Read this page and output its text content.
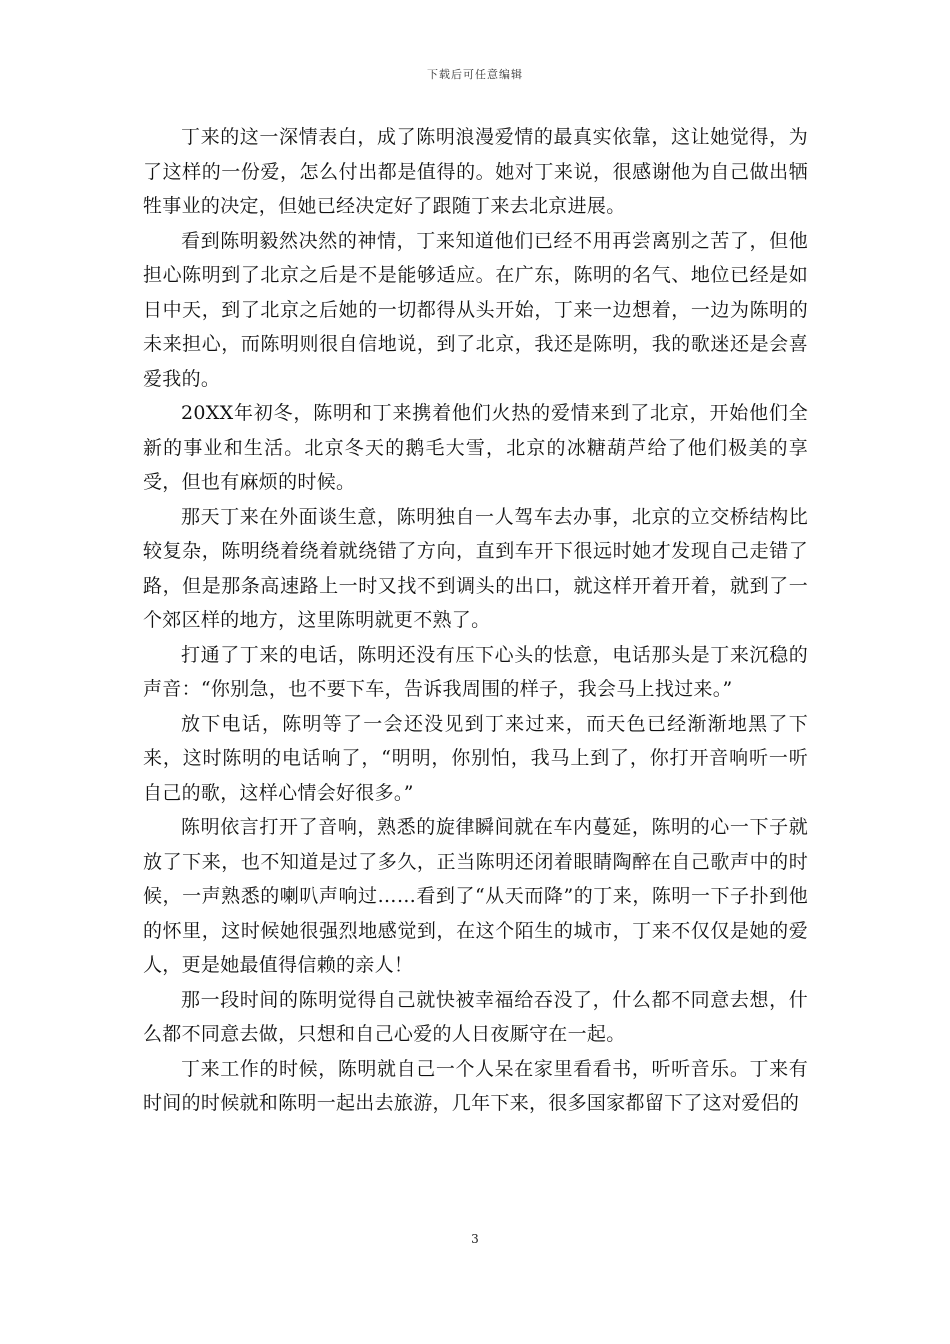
下载后可任意编辑

丁来的这一深情表白，成了陈明浪漫爱情的最真实依靠，这让她觉得，为了这样的一份爱，怎么付出都是值得的。她对丁来说，很感谢他为自己做出牺牲事业的决定，但她已经决定好了跟随丁来去北京进展。

看到陈明毅然决然的神情，丁来知道他们已经不用再尝离别之苦了，但他担心陈明到了北京之后是不是能够适应。在广东，陈明的名气、地位已经是如日中天，到了北京之后她的一切都得从头开始，丁来一边想着，一边为陈明的未来担心，而陈明则很自信地说，到了北京，我还是陈明，我的歌迷还是会喜爱我的。

20XX年初冬，陈明和丁来携着他们火热的爱情来到了北京，开始他们全新的事业和生活。北京冬天的鹅毛大雪，北京的冰糖葫芦给了他们极美的享受，但也有麻烦的时候。

那天丁来在外面谈生意，陈明独自一人驾车去办事，北京的立交桥结构比较复杂，陈明绕着绕着就绕错了方向，直到车开下很远时她才发现自己走错了路，但是那条高速路上一时又找不到调头的出口，就这样开着开着，就到了一个郊区样的地方，这里陈明就更不熟了。

打通了丁来的电话，陈明还没有压下心头的怯意，电话那头是丁来沉稳的声音：“你别急，也不要下车，告诉我周围的样子，我会马上找过来。”

放下电话，陈明等了一会还没见到丁来过来，而天色已经渐渐地黑了下来，这时陈明的电话响了，“明明，你别怕，我马上到了，你打开音响听一听自己的歌，这样心情会好很多。”

陈明依言打开了音响，熟悉的旋律瞬间就在车内蔓延，陈明的心一下子就放了下来，也不知道是过了多久，正当陈明还闭着眼睛陶醉在自己歌声中的时候，一声熟悉的喇叭声响过……看到了“从天而降”的丁来，陈明一下子扑到他的怀里，这时候她很强烈地感觉到，在这个陌生的城市，丁来不仅仅是她的爱人，更是她最值得信赖的亲人！

那一段时间的陈明觉得自己就快被幸福给吞没了，什么都不同意去想，什么都不同意去做，只想和自己心爱的人日夜厮守在一起。

丁来工作的时候，陈明就自己一个人呆在家里看看书，听听音乐。丁来有时间的时候就和陈明一起出去旅游，几年下来，很多国家都留下了这对爱侣的

3
